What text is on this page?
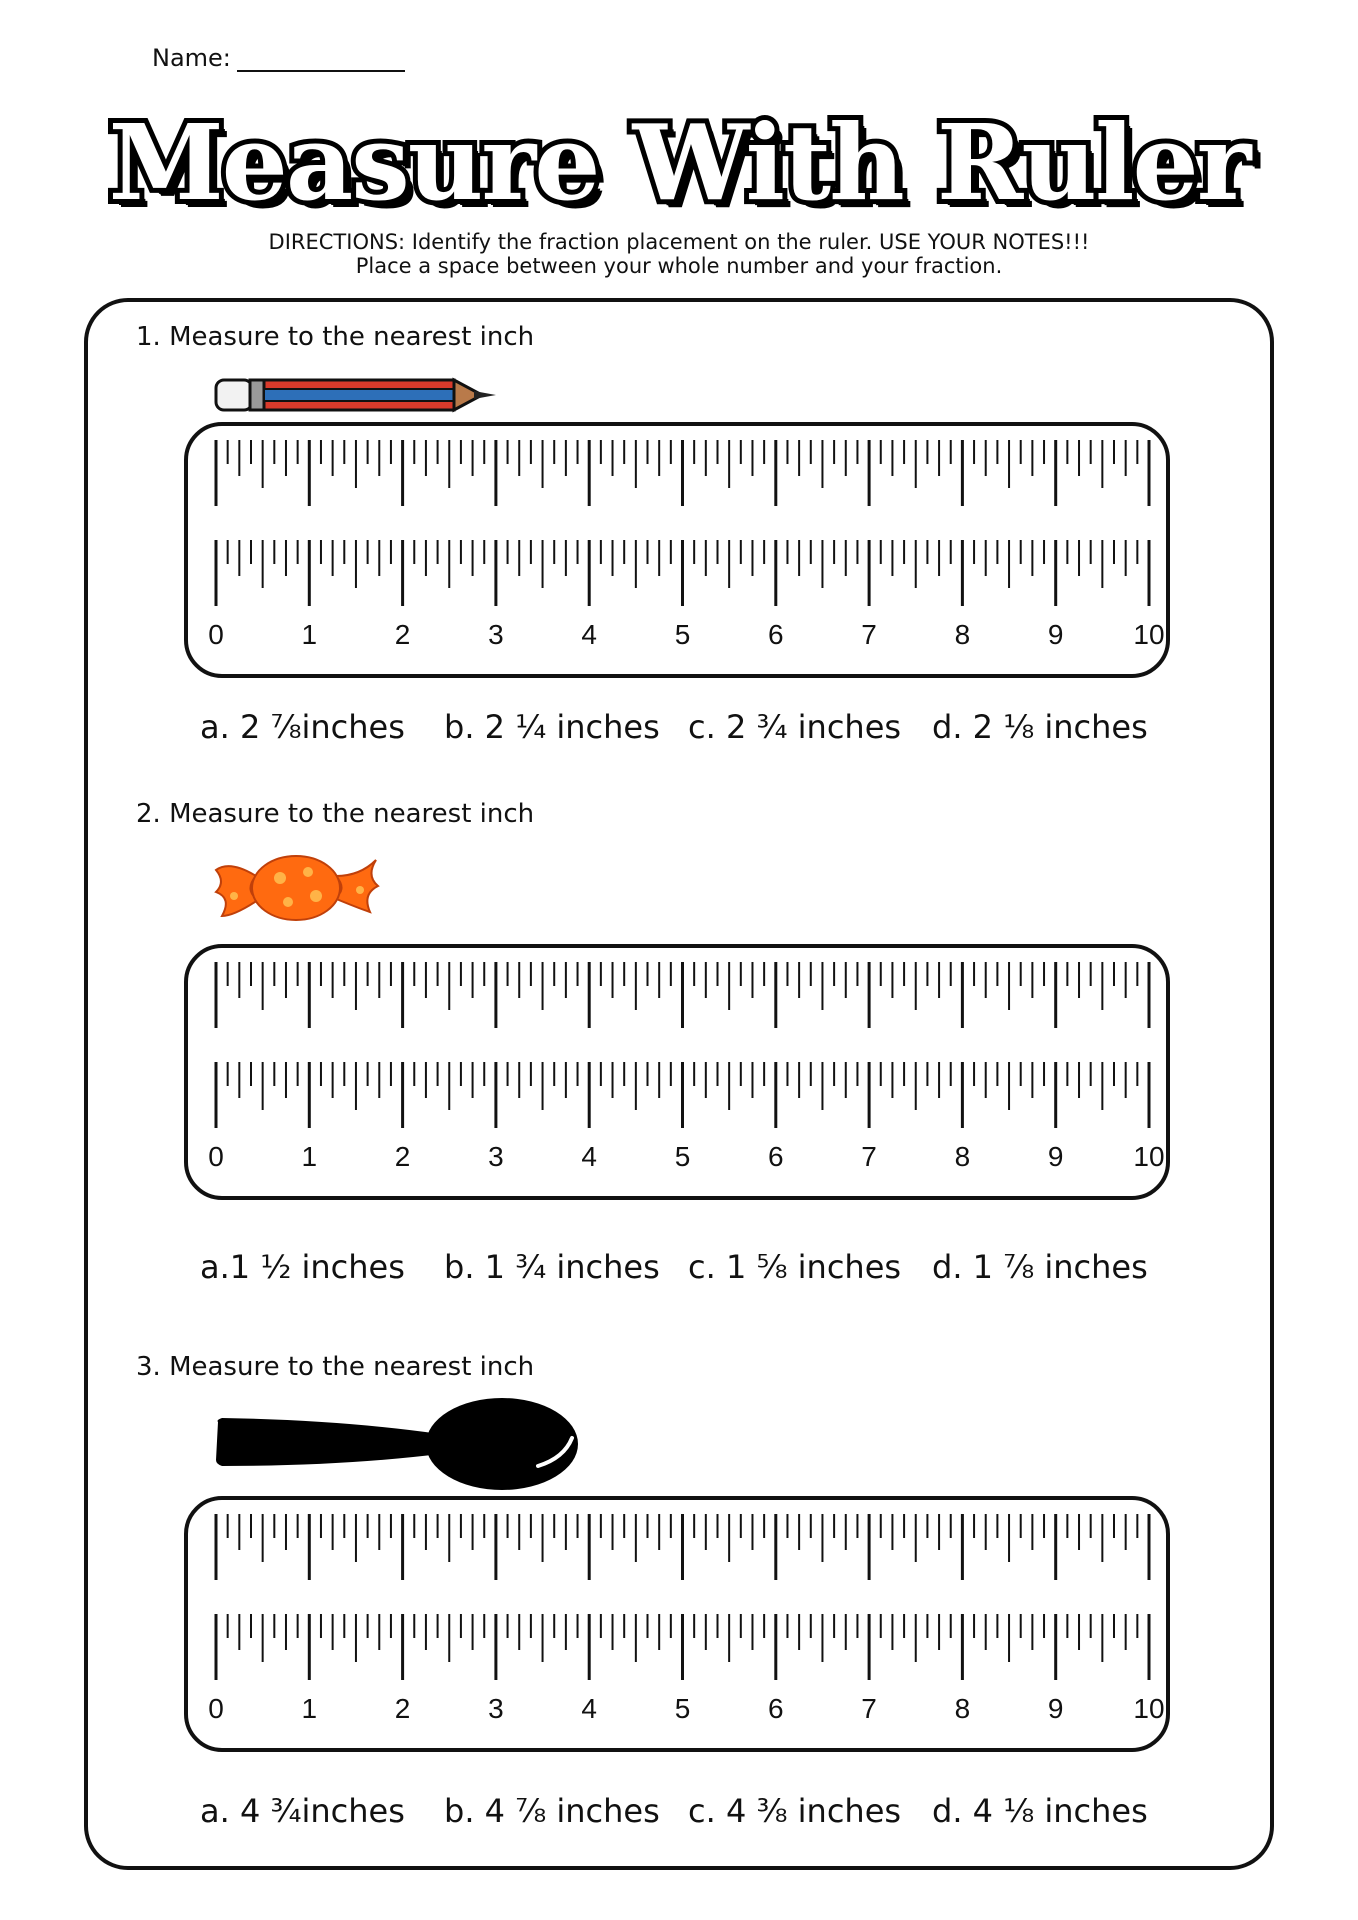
Name:
Measure With Ruler
DIRECTIONS: Identify the fraction placement on the ruler. USE YOUR NOTES!!!
Place a space between your whole number and your fraction.
1. Measure to the nearest inch
0	1	2	3	4	5	6	7	8	9 10
a. 2 ⅞inches b. 2 ¼ inches c. 2 ¾ inches d. 2 ⅛ inches
2. Measure to the nearest inch
0	1	2	3	4	5	6	7	8	9 10
a.1 ½ inches b. 1 ¾ inches c. 1 ⅝ inches d. 1 ⅞ inches
3. Measure to the nearest inch
0	1	2	3	4	5	6	7	8	9 10
a. 4 ¾inches b. 4 ⅞ inches c. 4 ⅜ inches d. 4 ⅛ inches
